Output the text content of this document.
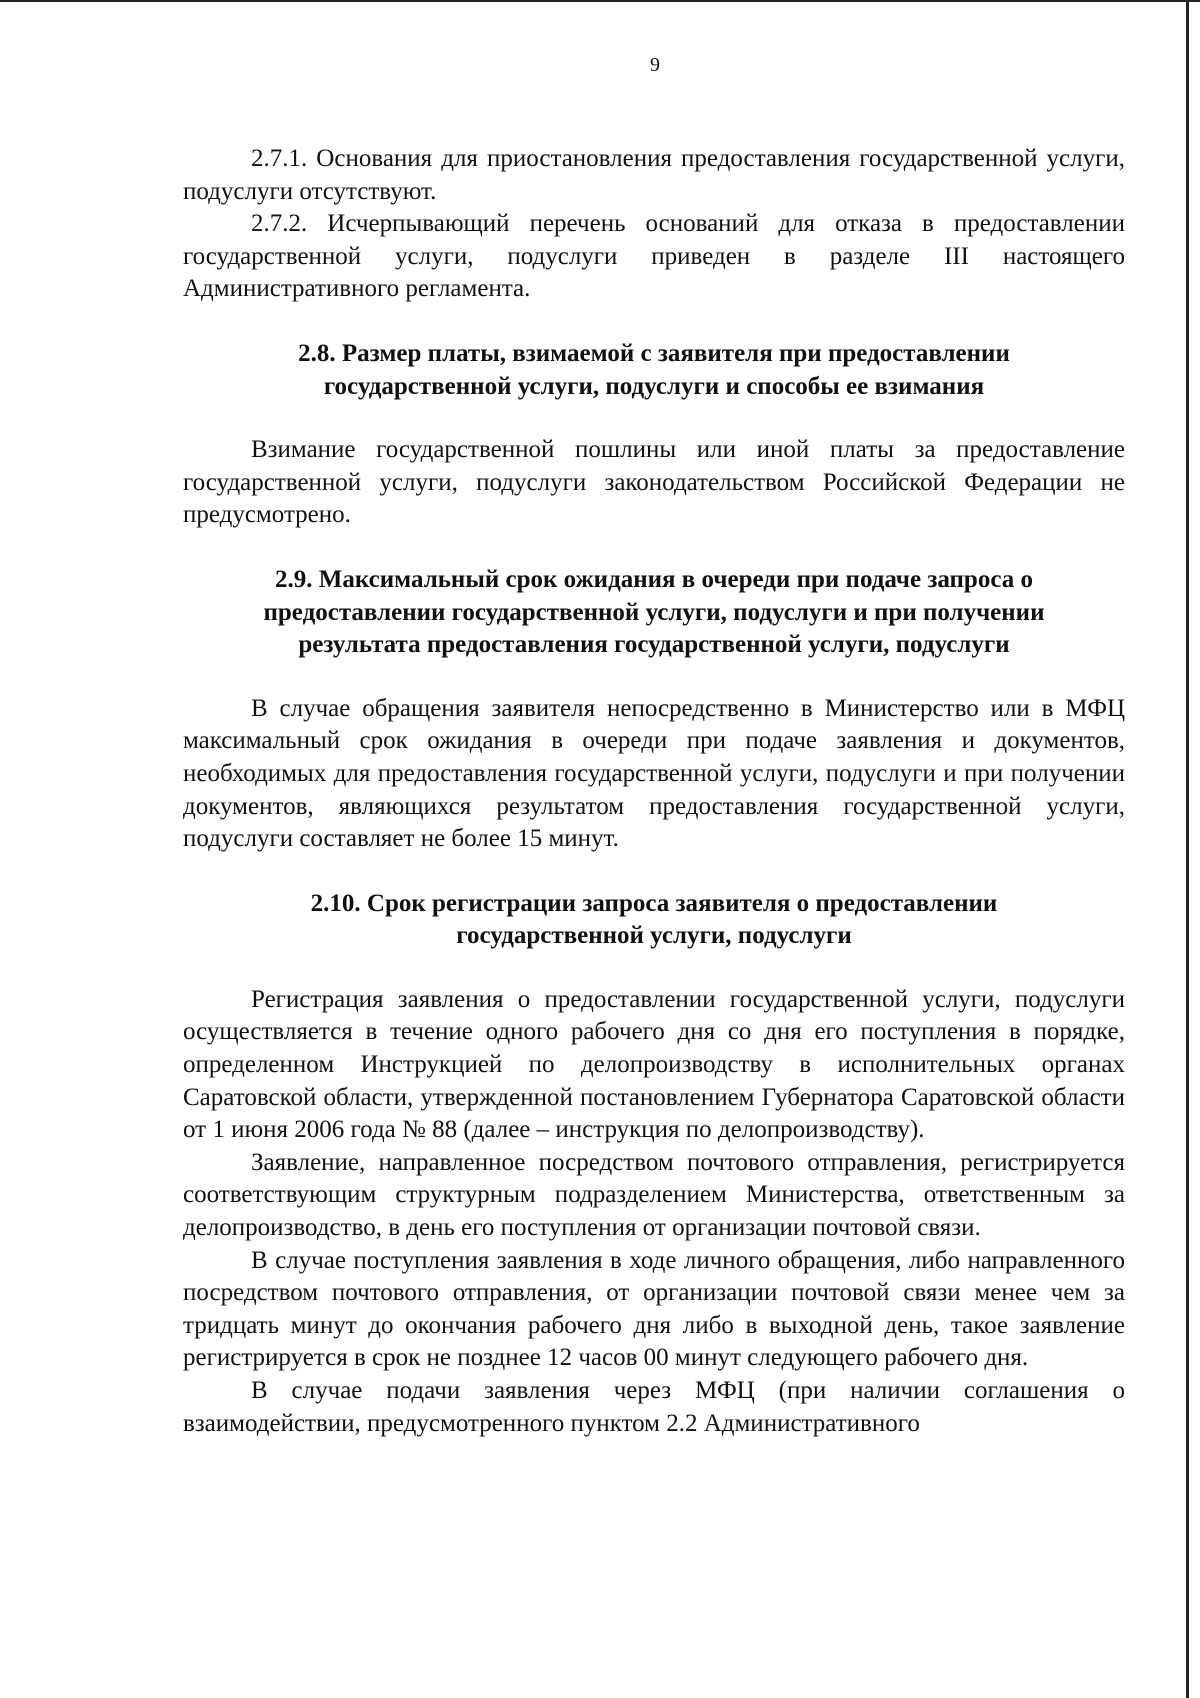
9

2.7.1. Основания для приостановления предоставления государственной услуги, подуслуги отсутствуют.

2.7.2. Исчерпывающий перечень оснований для отказа в предоставлении государственной услуги, подуслуги приведен в разделе III настоящего Административного регламента.

2.8. Размер платы, взимаемой с заявителя при предоставлении
государственной услуги, подуслуги и способы ее взимания

Взимание государственной пошлины или иной платы за предоставление государственной услуги, подуслуги законодательством Российской Федерации не предусмотрено.

2.9. Максимальный срок ожидания в очереди при подаче запроса о
предоставлении государственной услуги, подуслуги и при получении
результата предоставления государственной услуги, подуслуги

В случае обращения заявителя непосредственно в Министерство или в МФЦ максимальный срок ожидания в очереди при подаче заявления и документов, необходимых для предоставления государственной услуги, подуслуги и при получении документов, являющихся результатом предоставления государственной услуги, подуслуги составляет не более 15 минут.

2.10. Срок регистрации запроса заявителя о предоставлении
государственной услуги, подуслуги

Регистрация заявления о предоставлении государственной услуги, подуслуги осуществляется в течение одного рабочего дня со дня его поступления в порядке, определенном Инструкцией по делопроизводству в исполнительных органах Саратовской области, утвержденной постановлением Губернатора Саратовской области от 1 июня 2006 года № 88 (далее – инструкция по делопроизводству).

Заявление, направленное посредством почтового отправления, регистрируется соответствующим структурным подразделением Министерства, ответственным за делопроизводство, в день его поступления от организации почтовой связи.

В случае поступления заявления в ходе личного обращения, либо направленного посредством почтового отправления, от организации почтовой связи менее чем за тридцать минут до окончания рабочего дня либо в выходной день, такое заявление регистрируется в срок не позднее 12 часов 00 минут следующего рабочего дня.

В случае подачи заявления через МФЦ (при наличии соглашения о взаимодействии, предусмотренного пунктом 2.2 Административного
